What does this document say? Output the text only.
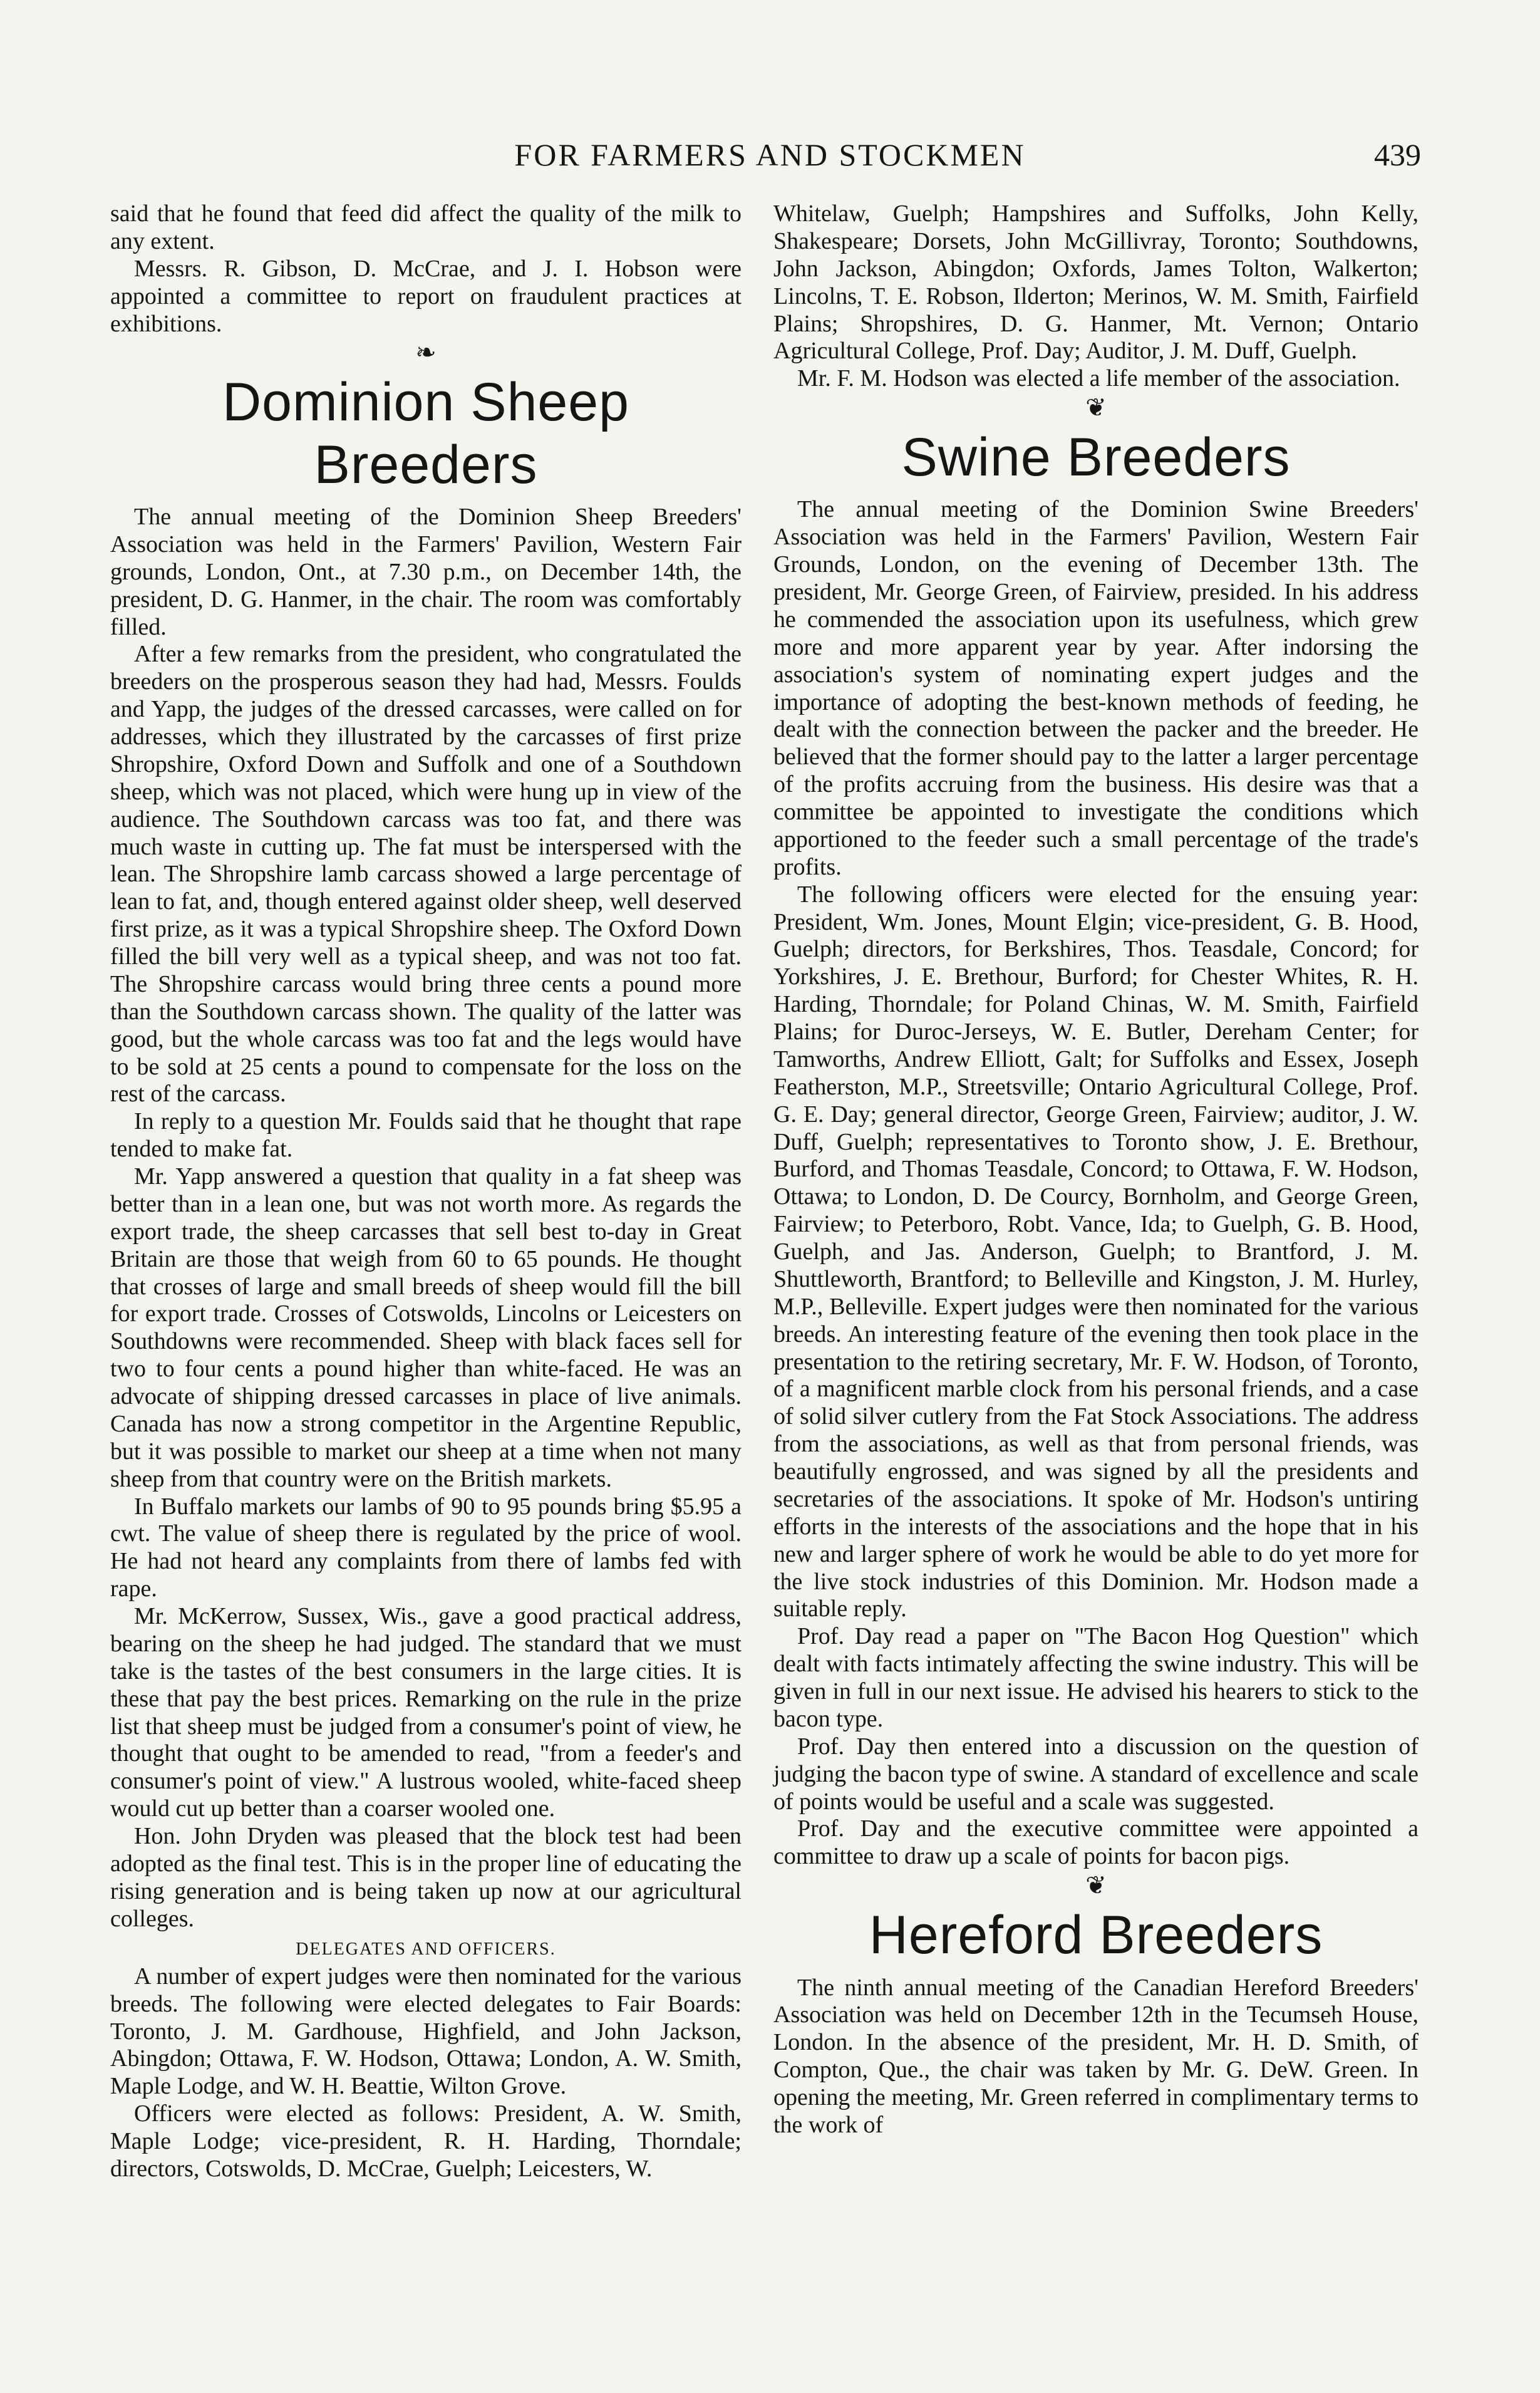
FOR FARMERS AND STOCKMEN	439

said that he found that feed did affect the quality of the milk to any extent.

Messrs. R. Gibson, D. McCrae, and J. I. Hobson were appointed a committee to report on fraudulent practices at exhibitions.

❧
Dominion Sheep Breeders

The annual meeting of the Dominion Sheep Breeders' Association was held in the Farmers' Pavilion, Western Fair grounds, London, Ont., at 7.30 p.m., on December 14th, the president, D. G. Hanmer, in the chair. The room was comfortably filled.

After a few remarks from the president, who congratulated the breeders on the prosperous season they had had, Messrs. Foulds and Yapp, the judges of the dressed carcasses, were called on for addresses, which they illustrated by the carcasses of first prize Shropshire, Oxford Down and Suffolk and one of a Southdown sheep, which was not placed, which were hung up in view of the audience. The Southdown carcass was too fat, and there was much waste in cutting up. The fat must be interspersed with the lean. The Shropshire lamb carcass showed a large percentage of lean to fat, and, though entered against older sheep, well deserved first prize, as it was a typical Shropshire sheep. The Oxford Down filled the bill very well as a typical sheep, and was not too fat. The Shropshire carcass would bring three cents a pound more than the Southdown carcass shown. The quality of the latter was good, but the whole carcass was too fat and the legs would have to be sold at 25 cents a pound to compensate for the loss on the rest of the carcass.

In reply to a question Mr. Foulds said that he thought that rape tended to make fat.

Mr. Yapp answered a question that quality in a fat sheep was better than in a lean one, but was not worth more. As regards the export trade, the sheep carcasses that sell best to-day in Great Britain are those that weigh from 60 to 65 pounds. He thought that crosses of large and small breeds of sheep would fill the bill for export trade. Crosses of Cotswolds, Lincolns or Leicesters on Southdowns were recommended. Sheep with black faces sell for two to four cents a pound higher than white-faced. He was an advocate of shipping dressed carcasses in place of live animals. Canada has now a strong competitor in the Argentine Republic, but it was possible to market our sheep at a time when not many sheep from that country were on the British markets.

In Buffalo markets our lambs of 90 to 95 pounds bring $5.95 a cwt. The value of sheep there is regulated by the price of wool. He had not heard any complaints from there of lambs fed with rape.

Mr. McKerrow, Sussex, Wis., gave a good practical address, bearing on the sheep he had judged. The standard that we must take is the tastes of the best consumers in the large cities. It is these that pay the best prices. Remarking on the rule in the prize list that sheep must be judged from a consumer's point of view, he thought that ought to be amended to read, "from a feeder's and consumer's point of view." A lustrous wooled, white-faced sheep would cut up better than a coarser wooled one.

Hon. John Dryden was pleased that the block test had been adopted as the final test. This is in the proper line of educating the rising generation and is being taken up now at our agricultural colleges.

DELEGATES AND OFFICERS.

A number of expert judges were then nominated for the various breeds. The following were elected delegates to Fair Boards: Toronto, J. M. Gardhouse, Highfield, and John Jackson, Abingdon; Ottawa, F. W. Hodson, Ottawa; London, A. W. Smith, Maple Lodge, and W. H. Beattie, Wilton Grove.

Officers were elected as follows: President, A. W. Smith, Maple Lodge; vice-president, R. H. Harding, Thorndale; directors, Cotswolds, D. McCrae, Guelph; Leicesters, W.

Whitelaw, Guelph; Hampshires and Suffolks, John Kelly, Shakespeare; Dorsets, John McGillivray, Toronto; Southdowns, John Jackson, Abingdon; Oxfords, James Tolton, Walkerton; Lincolns, T. E. Robson, Ilderton; Merinos, W. M. Smith, Fairfield Plains; Shropshires, D. G. Hanmer, Mt. Vernon; Ontario Agricultural College, Prof. Day; Auditor, J. M. Duff, Guelph.

Mr. F. M. Hodson was elected a life member of the association.

❦
Swine Breeders

The annual meeting of the Dominion Swine Breeders' Association was held in the Farmers' Pavilion, Western Fair Grounds, London, on the evening of December 13th. The president, Mr. George Green, of Fairview, presided. In his address he commended the association upon its usefulness, which grew more and more apparent year by year. After indorsing the association's system of nominating expert judges and the importance of adopting the best-known methods of feeding, he dealt with the connection between the packer and the breeder. He believed that the former should pay to the latter a larger percentage of the profits accruing from the business. His desire was that a committee be appointed to investigate the conditions which apportioned to the feeder such a small percentage of the trade's profits.

The following officers were elected for the ensuing year: President, Wm. Jones, Mount Elgin; vice-president, G. B. Hood, Guelph; directors, for Berkshires, Thos. Teasdale, Concord; for Yorkshires, J. E. Brethour, Burford; for Chester Whites, R. H. Harding, Thorndale; for Poland Chinas, W. M. Smith, Fairfield Plains; for Duroc-Jerseys, W. E. Butler, Dereham Center; for Tamworths, Andrew Elliott, Galt; for Suffolks and Essex, Joseph Featherston, M.P., Streetsville; Ontario Agricultural College, Prof. G. E. Day; general director, George Green, Fairview; auditor, J. W. Duff, Guelph; representatives to Toronto show, J. E. Brethour, Burford, and Thomas Teasdale, Concord; to Ottawa, F. W. Hodson, Ottawa; to London, D. De Courcy, Bornholm, and George Green, Fairview; to Peterboro, Robt. Vance, Ida; to Guelph, G. B. Hood, Guelph, and Jas. Anderson, Guelph; to Brantford, J. M. Shuttleworth, Brantford; to Belleville and Kingston, J. M. Hurley, M.P., Belleville. Expert judges were then nominated for the various breeds. An interesting feature of the evening then took place in the presentation to the retiring secretary, Mr. F. W. Hodson, of Toronto, of a magnificent marble clock from his personal friends, and a case of solid silver cutlery from the Fat Stock Associations. The address from the associations, as well as that from personal friends, was beautifully engrossed, and was signed by all the presidents and secretaries of the associations. It spoke of Mr. Hodson's untiring efforts in the interests of the associations and the hope that in his new and larger sphere of work he would be able to do yet more for the live stock industries of this Dominion. Mr. Hodson made a suitable reply.

Prof. Day read a paper on "The Bacon Hog Question" which dealt with facts intimately affecting the swine industry. This will be given in full in our next issue. He advised his hearers to stick to the bacon type.

Prof. Day then entered into a discussion on the question of judging the bacon type of swine. A standard of excellence and scale of points would be useful and a scale was suggested.

Prof. Day and the executive committee were appointed a committee to draw up a scale of points for bacon pigs.

❦
Hereford Breeders

The ninth annual meeting of the Canadian Hereford Breeders' Association was held on December 12th in the Tecumseh House, London. In the absence of the president, Mr. H. D. Smith, of Compton, Que., the chair was taken by Mr. G. DeW. Green. In opening the meeting, Mr. Green referred in complimentary terms to the work of
